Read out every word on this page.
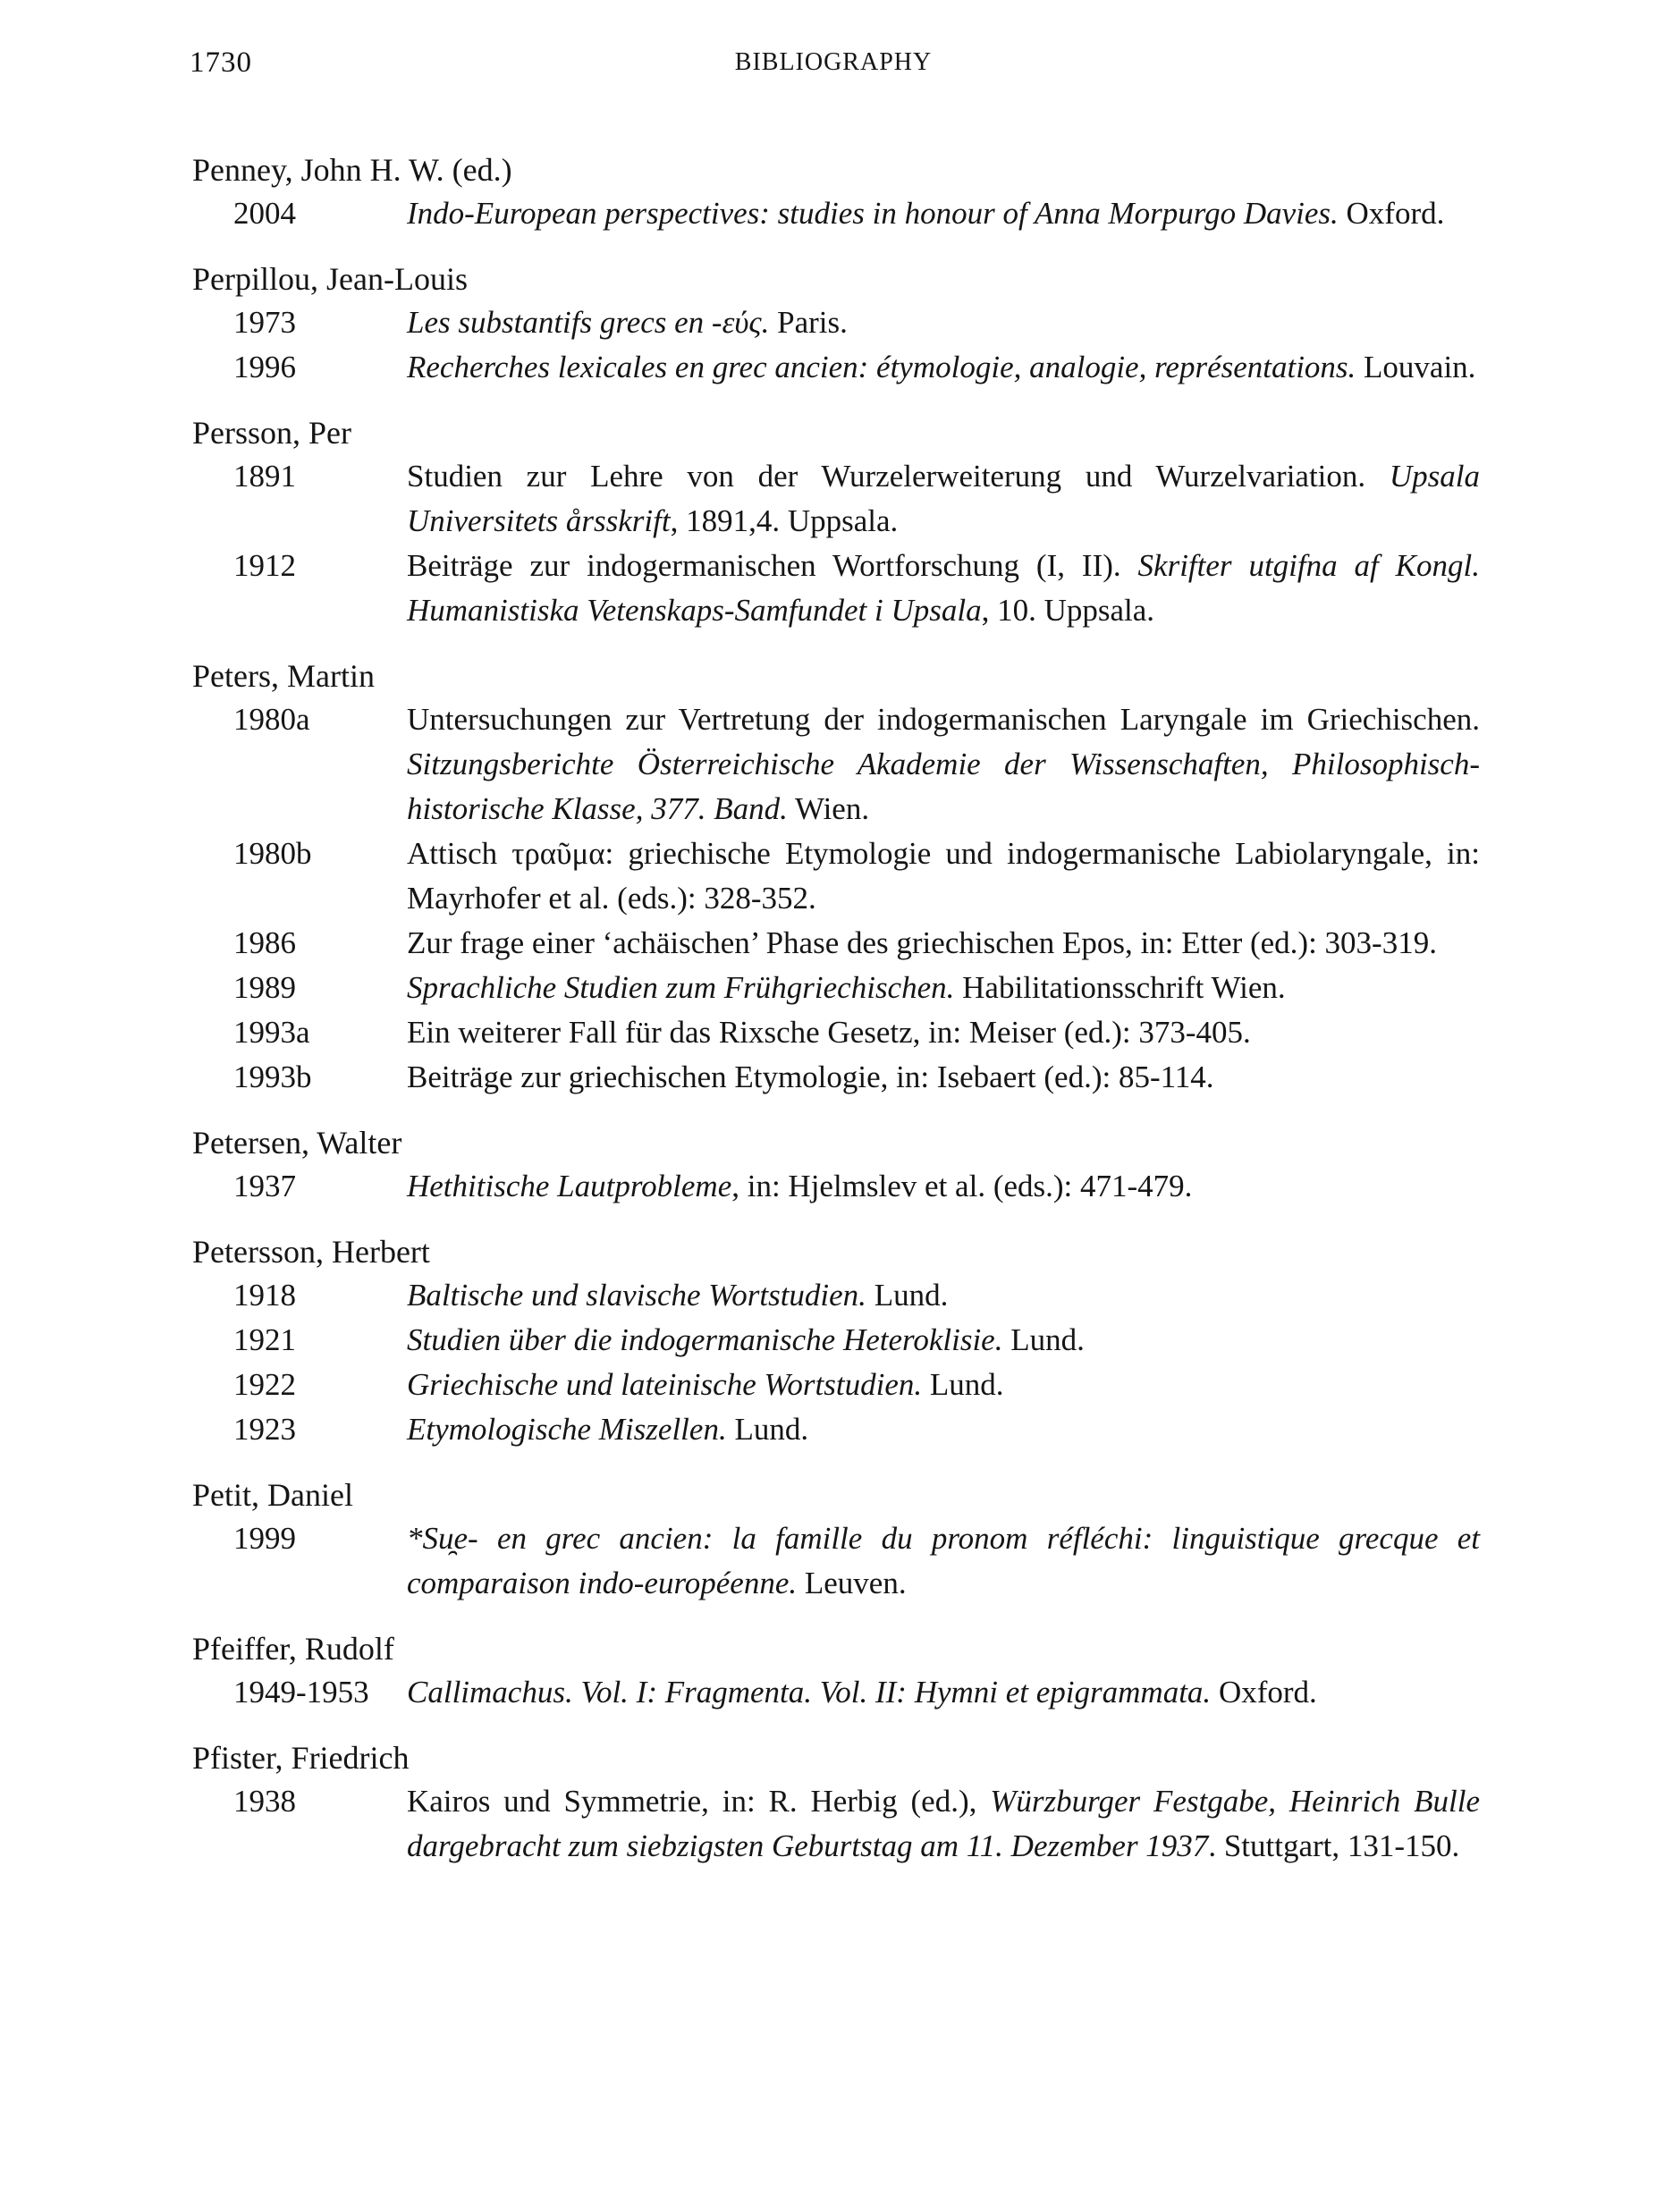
1730	BIBLIOGRAPHY
Penney, John H. W. (ed.)
2004	Indo-European perspectives: studies in honour of Anna Morpurgo Davies. Oxford.
Perpillou, Jean-Louis
1973	Les substantifs grecs en -εύς. Paris.
1996	Recherches lexicales en grec ancien: étymologie, analogie, représentations. Louvain.
Persson, Per
1891	Studien zur Lehre von der Wurzelerweiterung und Wurzelvariation. Upsala Universitets årsskrift, 1891,4. Uppsala.
1912	Beiträge zur indogermanischen Wortforschung (I, II). Skrifter utgifna af Kongl. Humanistiska Vetenskaps-Samfundet i Upsala, 10. Uppsala.
Peters, Martin
1980a	Untersuchungen zur Vertretung der indogermanischen Laryngale im Griechischen. Sitzungsberichte Österreichische Akademie der Wissenschaften, Philosophisch-historische Klasse, 377. Band. Wien.
1980b	Attisch τραῦμα: griechische Etymologie und indogermanische Labiolaryngale, in: Mayrhofer et al. (eds.): 328-352.
1986	Zur frage einer ‘achäischen’ Phase des griechischen Epos, in: Etter (ed.): 303-319.
1989	Sprachliche Studien zum Frühgriechischen. Habilitationsschrift Wien.
1993a	Ein weiterer Fall für das Rixsche Gesetz, in: Meiser (ed.): 373-405.
1993b	Beiträge zur griechischen Etymologie, in: Isebaert (ed.): 85-114.
Petersen, Walter
1937	Hethitische Lautprobleme, in: Hjelmslev et al. (eds.): 471-479.
Petersson, Herbert
1918	Baltische und slavische Wortstudien. Lund.
1921	Studien über die indogermanische Heteroklisie. Lund.
1922	Griechische und lateinische Wortstudien. Lund.
1923	Etymologische Miszellen. Lund.
Petit, Daniel
1999	*Su̯e- en grec ancien: la famille du pronom réfléchi: linguistique grecque et comparaison indo-européenne. Leuven.
Pfeiffer, Rudolf
1949-1953	Callimachus. Vol. I: Fragmenta. Vol. II: Hymni et epigrammata. Oxford.
Pfister, Friedrich
1938	Kairos und Symmetrie, in: R. Herbig (ed.), Würzburger Festgabe, Heinrich Bulle dargebracht zum siebzigsten Geburtstag am 11. Dezember 1937. Stuttgart, 131-150.
